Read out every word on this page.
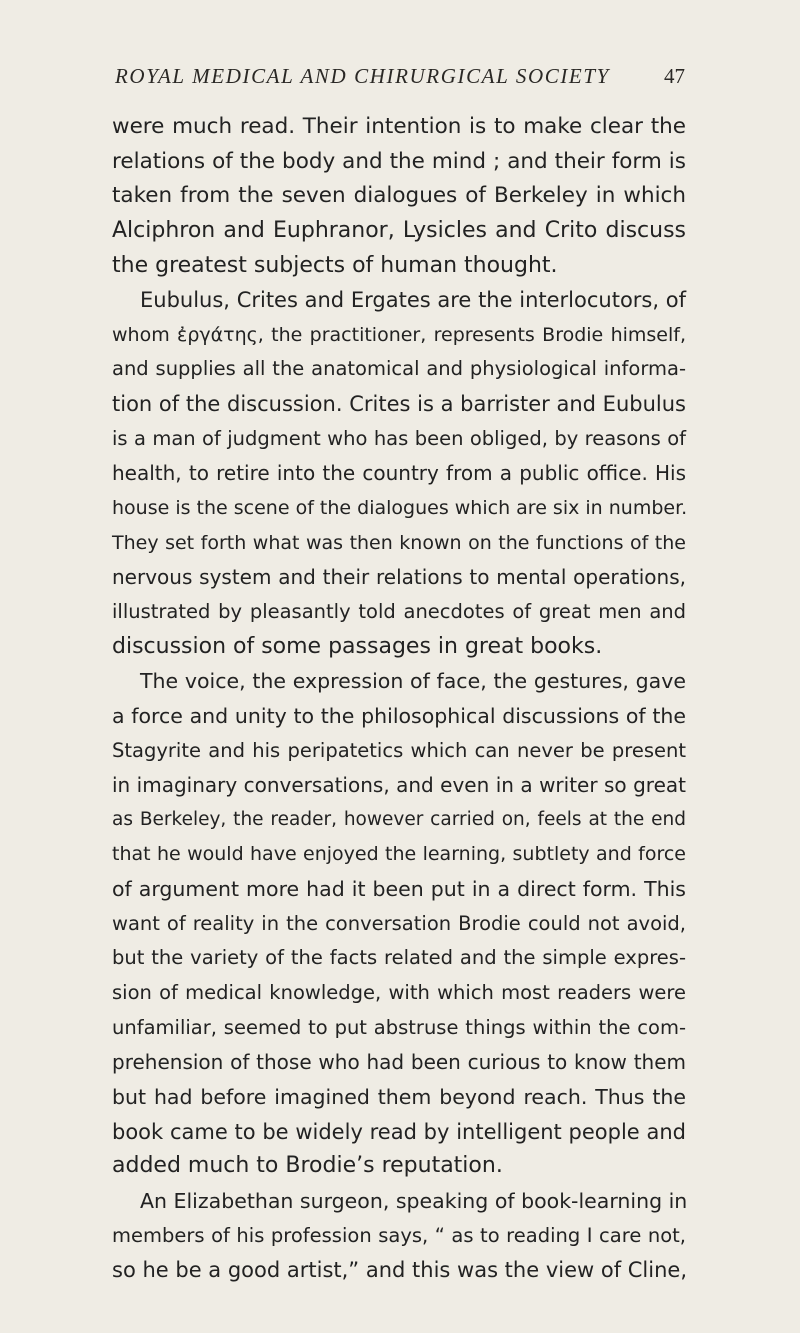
ROYAL MEDICAL AND CHIRURGICAL SOCIETY	47
were much read. Their intention is to make clear the
relations of the body and the mind ; and their form is
taken from the seven dialogues of Berkeley in which
Alciphron and Euphranor, Lysicles and Crito discuss
the greatest subjects of human thought.
Eubulus, Crites and Ergates are the interlocutors, of
whom ἐργάτης, the practitioner, represents Brodie himself,
and supplies all the anatomical and physiological informa-
tion of the discussion. Crites is a barrister and Eubulus
is a man of judgment who has been obliged, by reasons of
health, to retire into the country from a public office. His
house is the scene of the dialogues which are six in number.
They set forth what was then known on the functions of the
nervous system and their relations to mental operations,
illustrated by pleasantly told anecdotes of great men and
discussion of some passages in great books.
The voice, the expression of face, the gestures, gave
a force and unity to the philosophical discussions of the
Stagyrite and his peripatetics which can never be present
in imaginary conversations, and even in a writer so great
as Berkeley, the reader, however carried on, feels at the end
that he would have enjoyed the learning, subtlety and force
of argument more had it been put in a direct form. This
want of reality in the conversation Brodie could not avoid,
but the variety of the facts related and the simple expres-
sion of medical knowledge, with which most readers were
unfamiliar, seemed to put abstruse things within the com-
prehension of those who had been curious to know them
but had before imagined them beyond reach. Thus the
book came to be widely read by intelligent people and
added much to Brodie’s reputation.
An Elizabethan surgeon, speaking of book-learning in
members of his profession says, “ as to reading I care not,
so he be a good artist,” and this was the view of Cline,
